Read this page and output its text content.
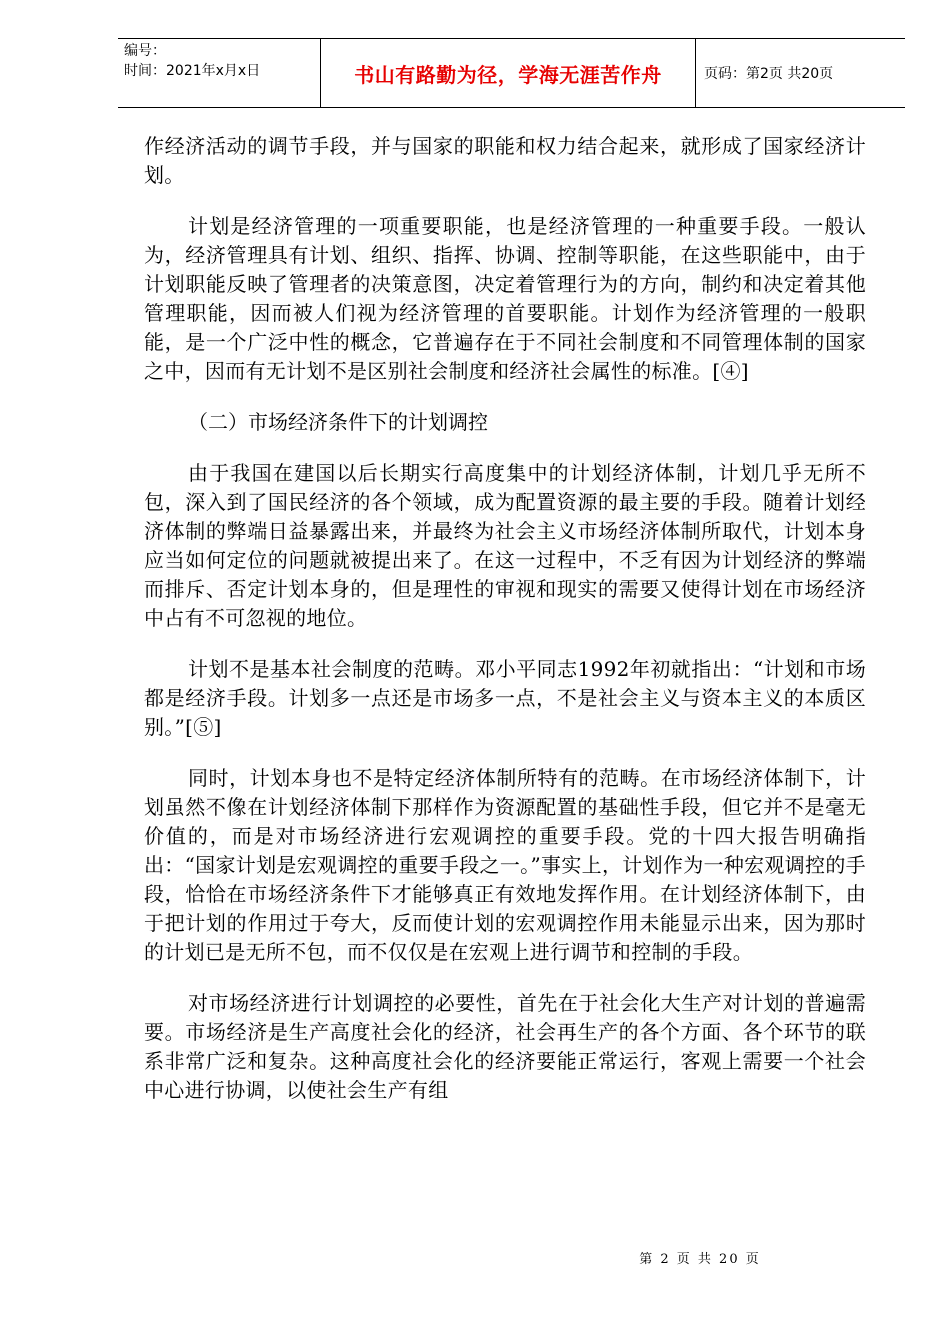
编号：
时间：2021年x月x日	书山有路勤为径，学海无涯苦作舟	页码：第2页 共20页

作经济活动的调节手段，并与国家的职能和权力结合起来，就形成了国家经济计划。

计划是经济管理的一项重要职能，也是经济管理的一种重要手段。一般认为，经济管理具有计划、组织、指挥、协调、控制等职能，在这些职能中，由于计划职能反映了管理者的决策意图，决定着管理行为的方向，制约和决定着其他管理职能，因而被人们视为经济管理的首要职能。计划作为经济管理的一般职能，是一个广泛中性的概念，它普遍存在于不同社会制度和不同管理体制的国家之中，因而有无计划不是区别社会制度和经济社会属性的标准。[④]

（二）市场经济条件下的计划调控

由于我国在建国以后长期实行高度集中的计划经济体制，计划几乎无所不包，深入到了国民经济的各个领域，成为配置资源的最主要的手段。随着计划经济体制的弊端日益暴露出来，并最终为社会主义市场经济体制所取代，计划本身应当如何定位的问题就被提出来了。在这一过程中，不乏有因为计划经济的弊端而排斥、否定计划本身的，但是理性的审视和现实的需要又使得计划在市场经济中占有不可忽视的地位。

计划不是基本社会制度的范畴。邓小平同志1992年初就指出：“计划和市场都是经济手段。计划多一点还是市场多一点，不是社会主义与资本主义的本质区别。”[⑤]

同时，计划本身也不是特定经济体制所特有的范畴。在市场经济体制下，计划虽然不像在计划经济体制下那样作为资源配置的基础性手段，但它并不是毫无价值的，而是对市场经济进行宏观调控的重要手段。党的十四大报告明确指出：“国家计划是宏观调控的重要手段之一。”事实上，计划作为一种宏观调控的手段，恰恰在市场经济条件下才能够真正有效地发挥作用。在计划经济体制下，由于把计划的作用过于夸大，反而使计划的宏观调控作用未能显示出来，因为那时的计划已是无所不包，而不仅仅是在宏观上进行调节和控制的手段。

对市场经济进行计划调控的必要性，首先在于社会化大生产对计划的普遍需要。市场经济是生产高度社会化的经济，社会再生产的各个方面、各个环节的联系非常广泛和复杂。这种高度社会化的经济要能正常运行，客观上需要一个社会中心进行协调，以使社会生产有组

第 2 页 共 20 页
